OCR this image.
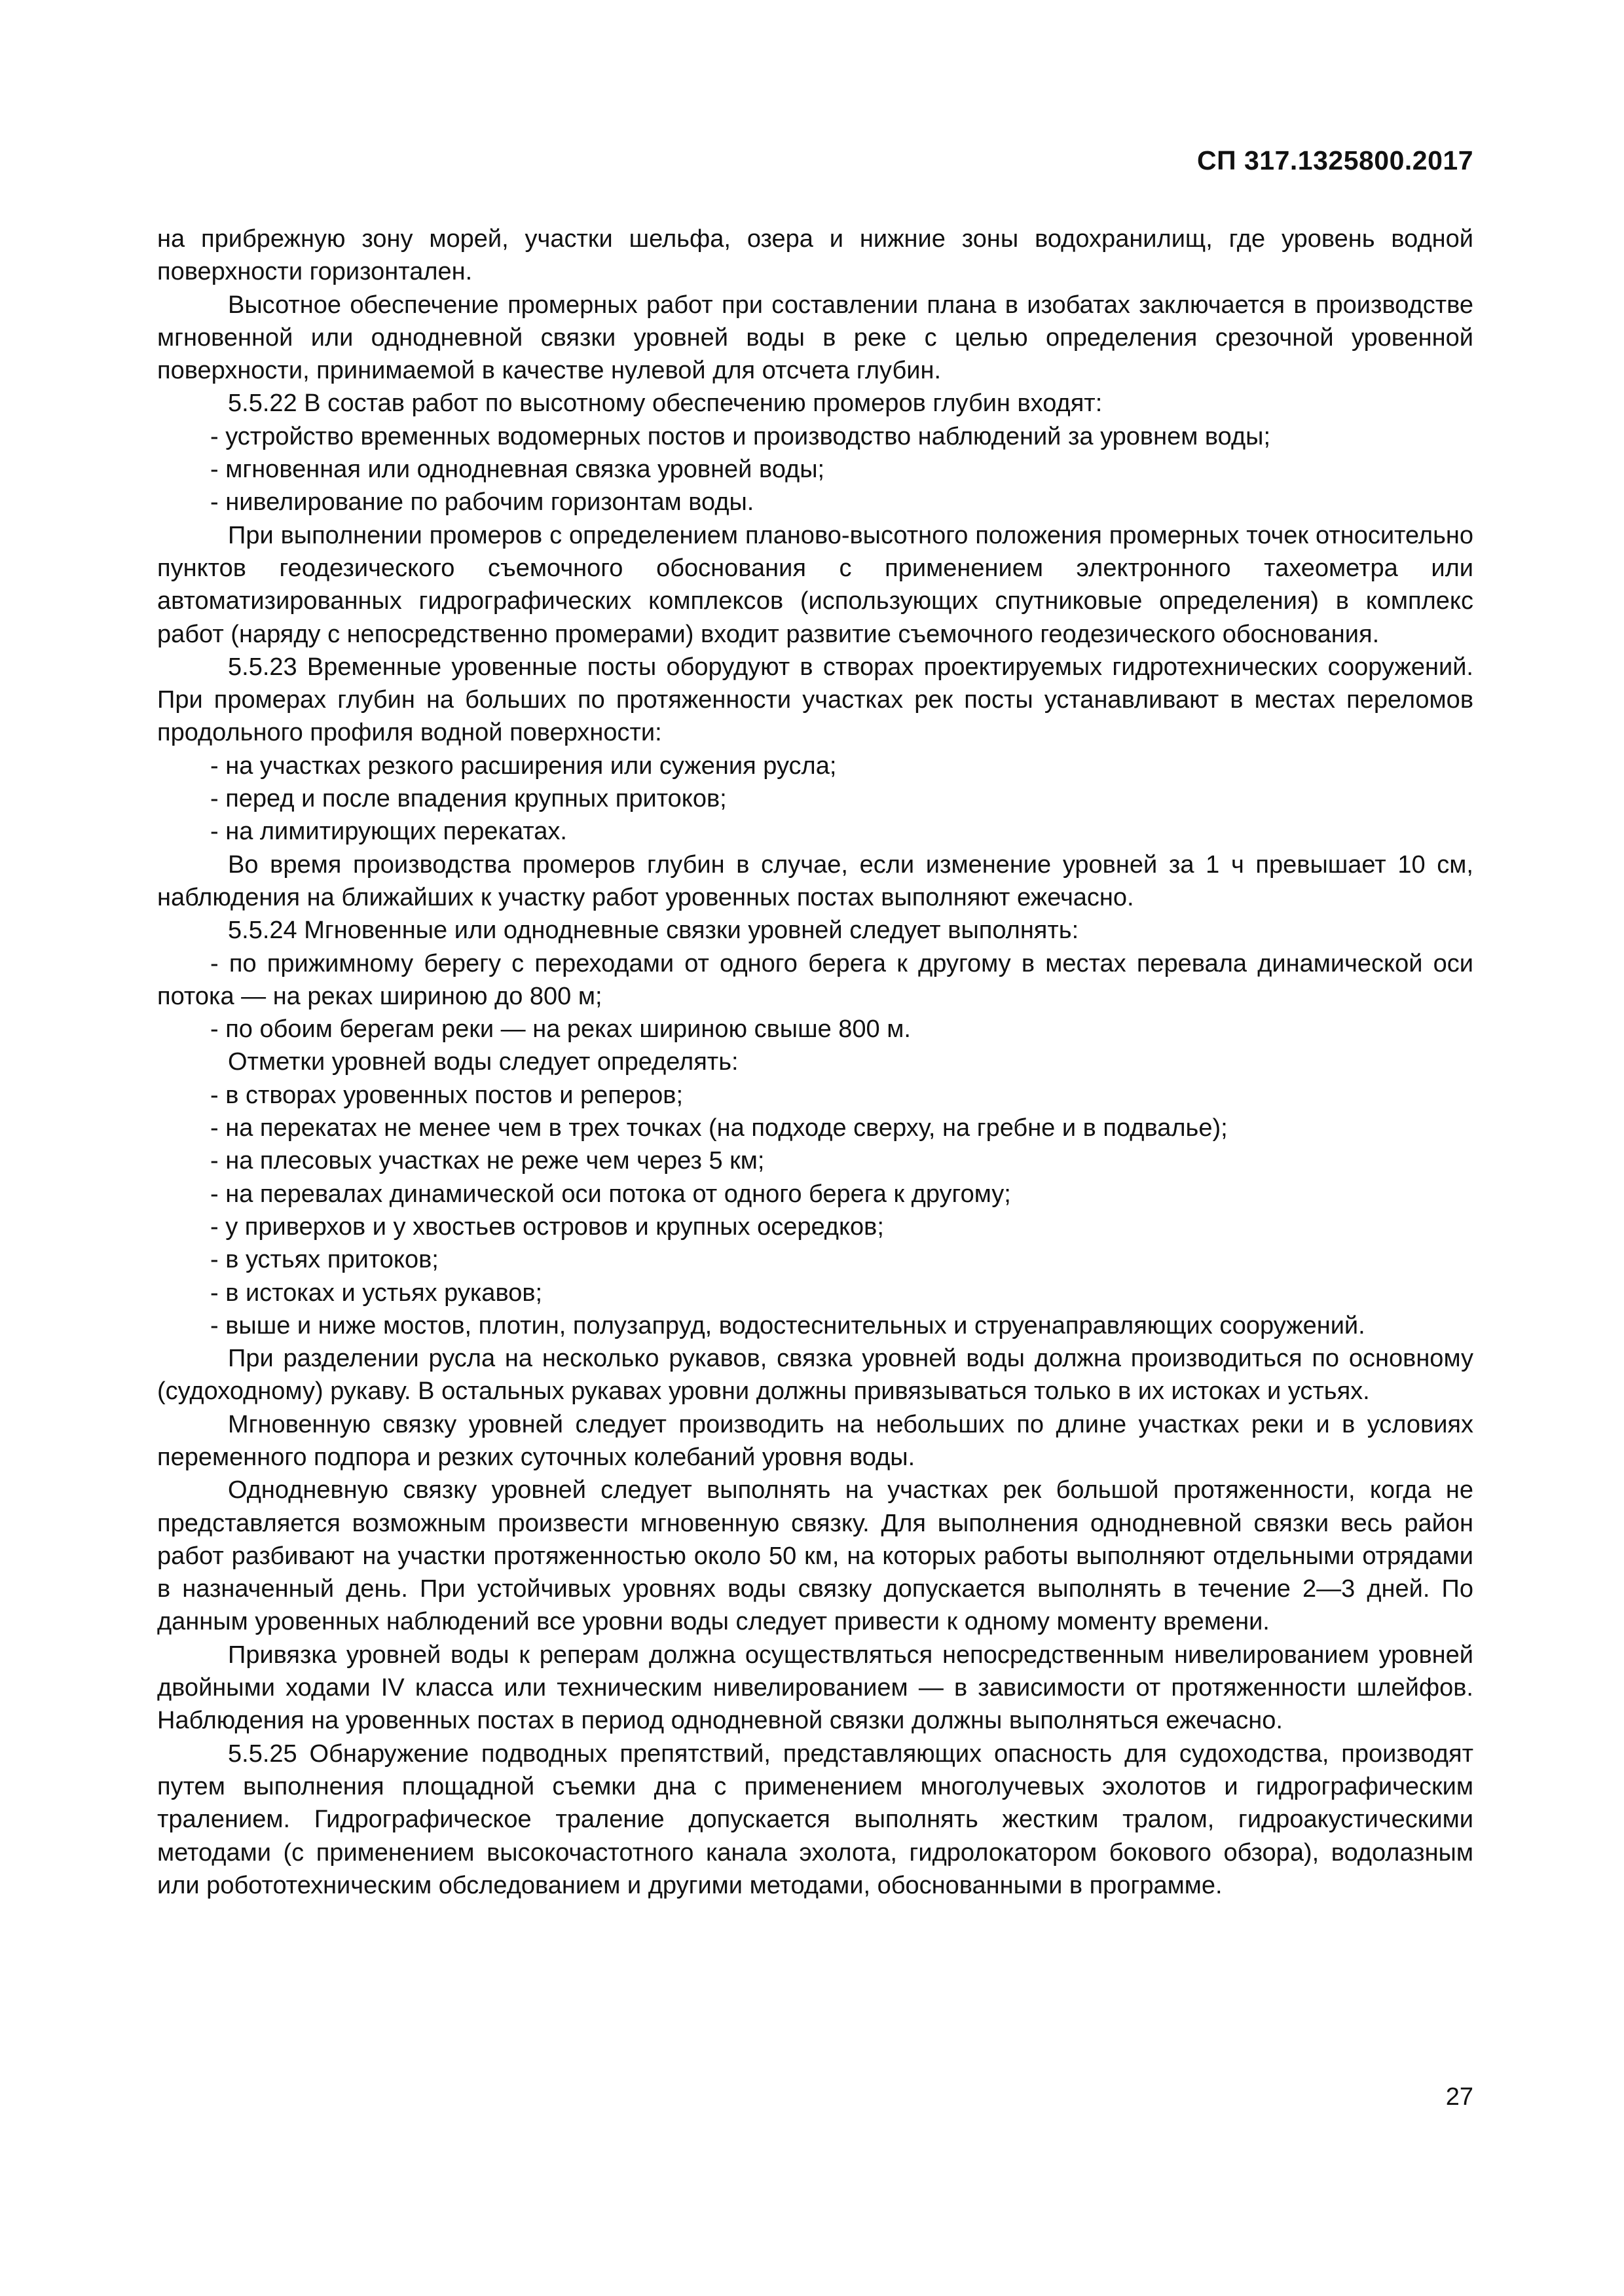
СП 317.1325800.2017

на прибрежную зону морей, участки шельфа, озера и нижние зоны водохранилищ, где уровень водной поверхности горизонтален.

Высотное обеспечение промерных работ при составлении плана в изобатах заключается в производстве мгновенной или однодневной связки уровней воды в реке с целью определения срезочной уровенной поверхности, принимаемой в качестве нулевой для отсчета глубин.

5.5.22 В состав работ по высотному обеспечению промеров глубин входят:

- устройство временных водомерных постов и производство наблюдений за уровнем воды;

- мгновенная или однодневная связка уровней воды;

- нивелирование по рабочим горизонтам воды.

При выполнении промеров с определением планово-высотного положения промерных точек относительно пунктов геодезического съемочного обоснования с применением электронного тахеометра или автоматизированных гидрографических комплексов (использующих спутниковые определения) в комплекс работ (наряду с непосредственно промерами) входит развитие съемочного геодезического обоснования.

5.5.23 Временные уровенные посты оборудуют в створах проектируемых гидротехнических сооружений. При промерах глубин на больших по протяженности участках рек посты устанавливают в местах переломов продольного профиля водной поверхности:

- на участках резкого расширения или сужения русла;

- перед и после впадения крупных притоков;

- на лимитирующих перекатах.

Во время производства промеров глубин в случае, если изменение уровней за 1 ч превышает 10 см, наблюдения на ближайших к участку работ уровенных постах выполняют ежечасно.

5.5.24 Мгновенные или однодневные связки уровней следует выполнять:

- по прижимному берегу с переходами от одного берега к другому в местах перевала динамической оси потока — на реках шириною до 800 м;

- по обоим берегам реки — на реках шириною свыше 800 м.

Отметки уровней воды следует определять:

- в створах уровенных постов и реперов;

- на перекатах не менее чем в трех точках (на подходе сверху, на гребне и в подвалье);

- на плесовых участках не реже чем через 5 км;

- на перевалах динамической оси потока от одного берега к другому;

- у приверхов и у хвостьев островов и крупных осередков;

- в устьях притоков;

- в истоках и устьях рукавов;

- выше и ниже мостов, плотин, полузапруд, водостеснительных и струенаправляющих сооружений.

При разделении русла на несколько рукавов, связка уровней воды должна производиться по основному (судоходному) рукаву. В остальных рукавах уровни должны привязываться только в их истоках и устьях.

Мгновенную связку уровней следует производить на небольших по длине участках реки и в условиях переменного подпора и резких суточных колебаний уровня воды.

Однодневную связку уровней следует выполнять на участках рек большой протяженности, когда не представляется возможным произвести мгновенную связку. Для выполнения однодневной связки весь район работ разбивают на участки протяженностью около 50 км, на которых работы выполняют отдельными отрядами в назначенный день. При устойчивых уровнях воды связку допускается выполнять в течение 2—3 дней. По данным уровенных наблюдений все уровни воды следует привести к одному моменту времени.

Привязка уровней воды к реперам должна осуществляться непосредственным нивелированием уровней двойными ходами IV класса или техническим нивелированием — в зависимости от протяженности шлейфов. Наблюдения на уровенных постах в период однодневной связки должны выполняться ежечасно.

5.5.25 Обнаружение подводных препятствий, представляющих опасность для судоходства, производят путем выполнения площадной съемки дна с применением многолучевых эхолотов и гидрографическим тралением. Гидрографическое траление допускается выполнять жестким тралом, гидроакустическими методами (с применением высокочастотного канала эхолота, гидролокатором бокового обзора), водолазным или робототехническим обследованием и другими методами, обоснованными в программе.

27
